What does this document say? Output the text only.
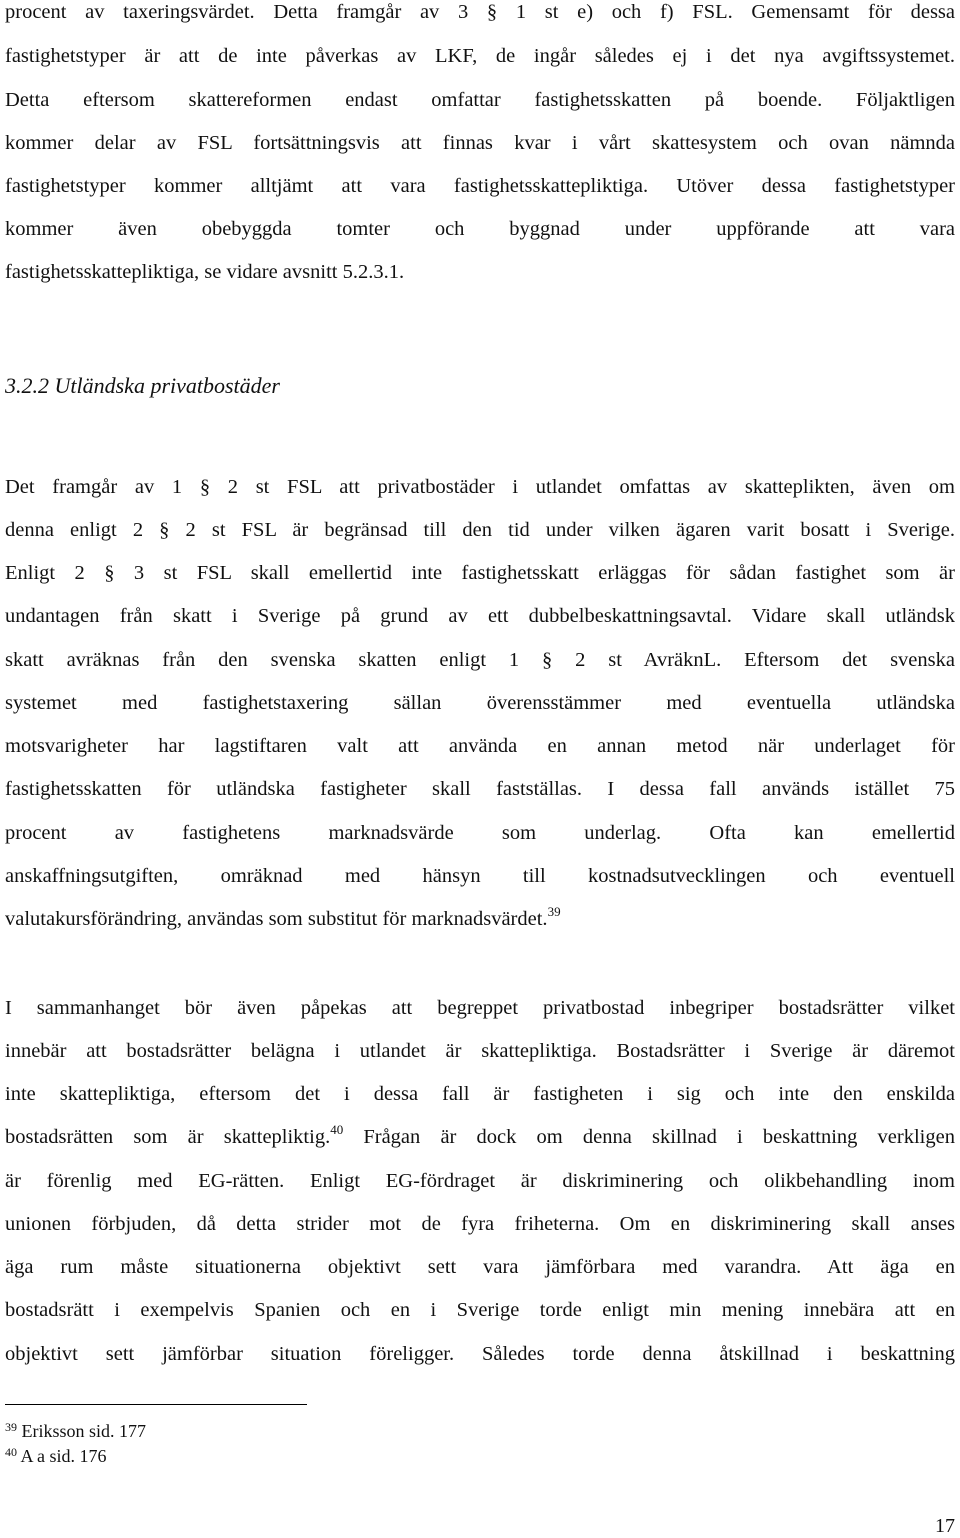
procent av taxeringsvärdet. Detta framgår av 3 § 1 st e) och f) FSL. Gemensamt för dessa
fastighetstyper är att de inte påverkas av LKF, de ingår således ej i det nya avgiftssystemet.
Detta eftersom skattereformen endast omfattar fastighetsskatten på boende. Följaktligen
kommer delar av FSL fortsättningsvis att finnas kvar i vårt skattesystem och ovan nämnda
fastighetstyper kommer alltjämt att vara fastighetsskattepliktiga. Utöver dessa fastighetstyper
kommer även obebyggda tomter och byggnad under uppförande att vara
fastighetsskattepliktiga, se vidare avsnitt 5.2.3.1.
3.2.2 Utländska privatbostäder
Det framgår av 1 § 2 st FSL att privatbostäder i utlandet omfattas av skatteplikten, även om
denna enligt 2 § 2 st FSL är begränsad till den tid under vilken ägaren varit bosatt i Sverige.
Enligt 2 § 3 st FSL skall emellertid inte fastighetsskatt erläggas för sådan fastighet som är
undantagen från skatt i Sverige på grund av ett dubbelbeskattningsavtal. Vidare skall utländsk
skatt avräknas från den svenska skatten enligt 1 § 2 st AvräknL. Eftersom det svenska
systemet med fastighetstaxering sällan överensstämmer med eventuella utländska
motsvarigheter har lagstiftaren valt att använda en annan metod när underlaget för
fastighetsskatten för utländska fastigheter skall fastställas. I dessa fall används istället 75
procent av fastighetens marknadsvärde som underlag. Ofta kan emellertid
anskaffningsutgiften, omräknad med hänsyn till kostnadsutvecklingen och eventuell
valutakursförändring, användas som substitut för marknadsvärdet.$^{39}$
I sammanhanget bör även påpekas att begreppet privatbostad inbegriper bostadsrätter vilket
innebär att bostadsrätter belägna i utlandet är skattepliktiga. Bostadsrätter i Sverige är däremot
inte skattepliktiga, eftersom det i dessa fall är fastigheten i sig och inte den enskilda
bostadsrätten som är skattepliktig.$^{40}$ Frågan är dock om denna skillnad i beskattning verkligen
är förenlig med EG-rätten. Enligt EG-fördraget är diskriminering och olikbehandling inom
unionen förbjuden, då detta strider mot de fyra friheterna. Om en diskriminering skall anses
äga rum måste situationerna objektivt sett vara jämförbara med varandra. Att äga en
bostadsrätt i exempelvis Spanien och en i Sverige torde enligt min mening innebära att en
objektivt sett jämförbar situation föreligger. Således torde denna åtskillnad i beskattning
$^{39}$ Eriksson sid. 177
$^{40}$ A a sid. 176
17
